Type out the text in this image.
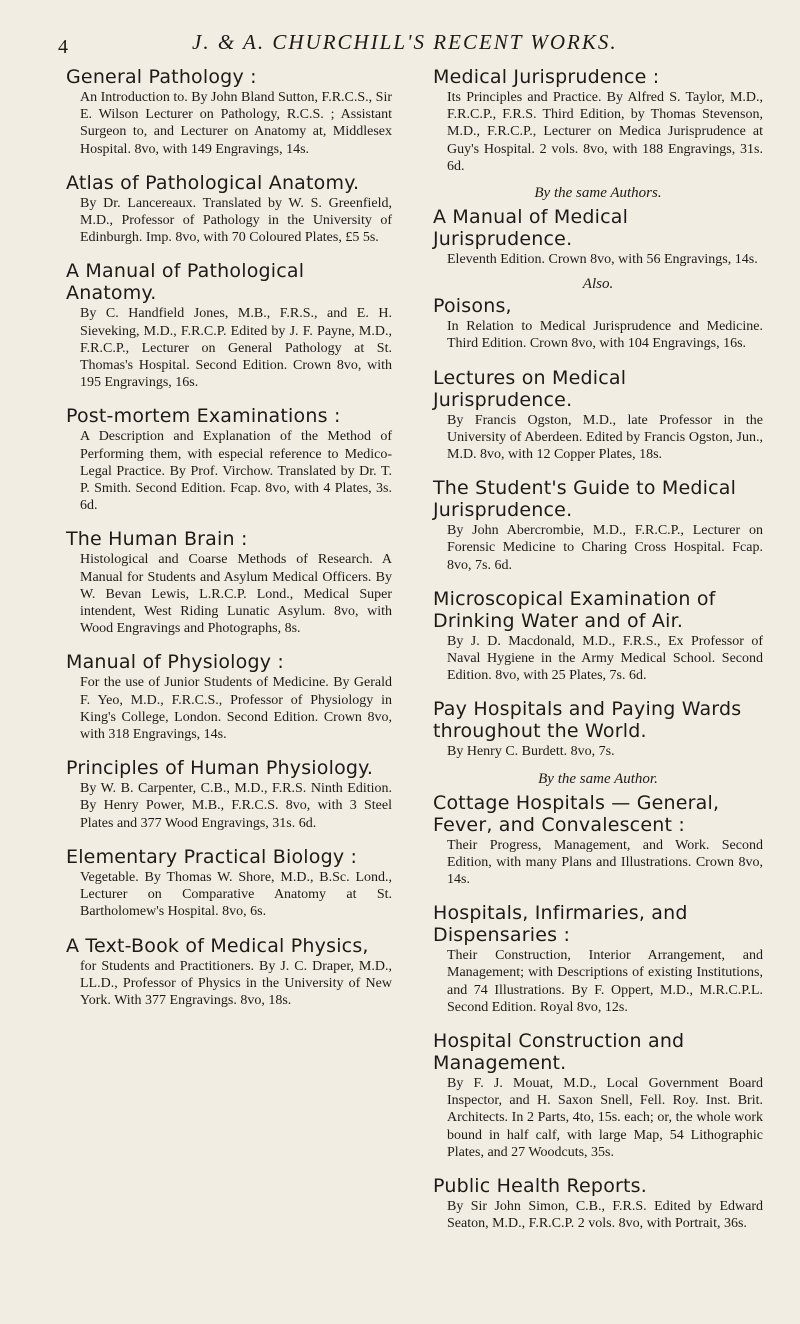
4	J. & A. CHURCHILL'S RECENT WORKS.
General Pathology :
An Introduction to. By John Bland Sutton, F.R.C.S., Sir E. Wilson Lecturer on Pathology, R.C.S. ; Assistant Surgeon to, and Lecturer on Anatomy at, Middlesex Hospital. 8vo, with 149 Engravings, 14s.
Atlas of Pathological Anatomy.
By Dr. Lancereaux. Translated by W. S. Greenfield, M.D., Professor of Pathology in the University of Edinburgh. Imp. 8vo, with 70 Coloured Plates, £5 5s.
A Manual of Pathological Anatomy.
By C. Handfield Jones, M.B., F.R.S., and E. H. Sieveking, M.D., F.R.C.P. Edited by J. F. Payne, M.D., F.R.C.P., Lecturer on General Pathology at St. Thomas's Hospital. Second Edition. Crown 8vo, with 195 Engravings, 16s.
Post-mortem Examinations :
A Description and Explanation of the Method of Performing them, with especial reference to Medico-Legal Practice. By Prof. Virchow. Translated by Dr. T. P. Smith. Second Edition. Fcap. 8vo, with 4 Plates, 3s. 6d.
The Human Brain :
Histological and Coarse Methods of Research. A Manual for Students and Asylum Medical Officers. By W. Bevan Lewis, L.R.C.P. Lond., Medical Super intendent, West Riding Lunatic Asylum. 8vo, with Wood Engravings and Photographs, 8s.
Manual of Physiology :
For the use of Junior Students of Medicine. By Gerald F. Yeo, M.D., F.R.C.S., Professor of Physiology in King's College, London. Second Edition. Crown 8vo, with 318 Engravings, 14s.
Principles of Human Physiology.
By W. B. Carpenter, C.B., M.D., F.R.S. Ninth Edition. By Henry Power, M.B., F.R.C.S. 8vo, with 3 Steel Plates and 377 Wood Engravings, 31s. 6d.
Elementary Practical Biology :
Vegetable. By Thomas W. Shore, M.D., B.Sc. Lond., Lecturer on Comparative Anatomy at St. Bartholomew's Hospital. 8vo, 6s.
A Text-Book of Medical Physics,
for Students and Practitioners. By J. C. Draper, M.D., LL.D., Professor of Physics in the University of New York. With 377 Engravings. 8vo, 18s.
Medical Jurisprudence :
Its Principles and Practice. By Alfred S. Taylor, M.D., F.R.C.P., F.R.S. Third Edition, by Thomas Stevenson, M.D., F.R.C.P., Lecturer on Medica Jurisprudence at Guy's Hospital. 2 vols. 8vo, with 188 Engravings, 31s. 6d.
By the same Authors.
A Manual of Medical Jurisprudence.
Eleventh Edition. Crown 8vo, with 56 Engravings, 14s.
Also.
Poisons,
In Relation to Medical Jurisprudence and Medicine. Third Edition. Crown 8vo, with 104 Engravings, 16s.
Lectures on Medical Jurisprudence.
By Francis Ogston, M.D., late Professor in the University of Aberdeen. Edited by Francis Ogston, Jun., M.D. 8vo, with 12 Copper Plates, 18s.
The Student's Guide to Medical Jurisprudence.
By John Abercrombie, M.D., F.R.C.P., Lecturer on Forensic Medicine to Charing Cross Hospital. Fcap. 8vo, 7s. 6d.
Microscopical Examination of Drinking Water and of Air.
By J. D. Macdonald, M.D., F.R.S., Ex Professor of Naval Hygiene in the Army Medical School. Second Edition. 8vo, with 25 Plates, 7s. 6d.
Pay Hospitals and Paying Wards throughout the World.
By Henry C. Burdett. 8vo, 7s.
By the same Author.
Cottage Hospitals — General, Fever, and Convalescent :
Their Progress, Management, and Work. Second Edition, with many Plans and Illustrations. Crown 8vo, 14s.
Hospitals, Infirmaries, and Dispensaries :
Their Construction, Interior Arrangement, and Management; with Descriptions of existing Institutions, and 74 Illustrations. By F. Oppert, M.D., M.R.C.P.L. Second Edition. Royal 8vo, 12s.
Hospital Construction and Management.
By F. J. Mouat, M.D., Local Government Board Inspector, and H. Saxon Snell, Fell. Roy. Inst. Brit. Architects. In 2 Parts, 4to, 15s. each; or, the whole work bound in half calf, with large Map, 54 Lithographic Plates, and 27 Woodcuts, 35s.
Public Health Reports.
By Sir John Simon, C.B., F.R.S. Edited by Edward Seaton, M.D., F.R.C.P. 2 vols. 8vo, with Portrait, 36s.
